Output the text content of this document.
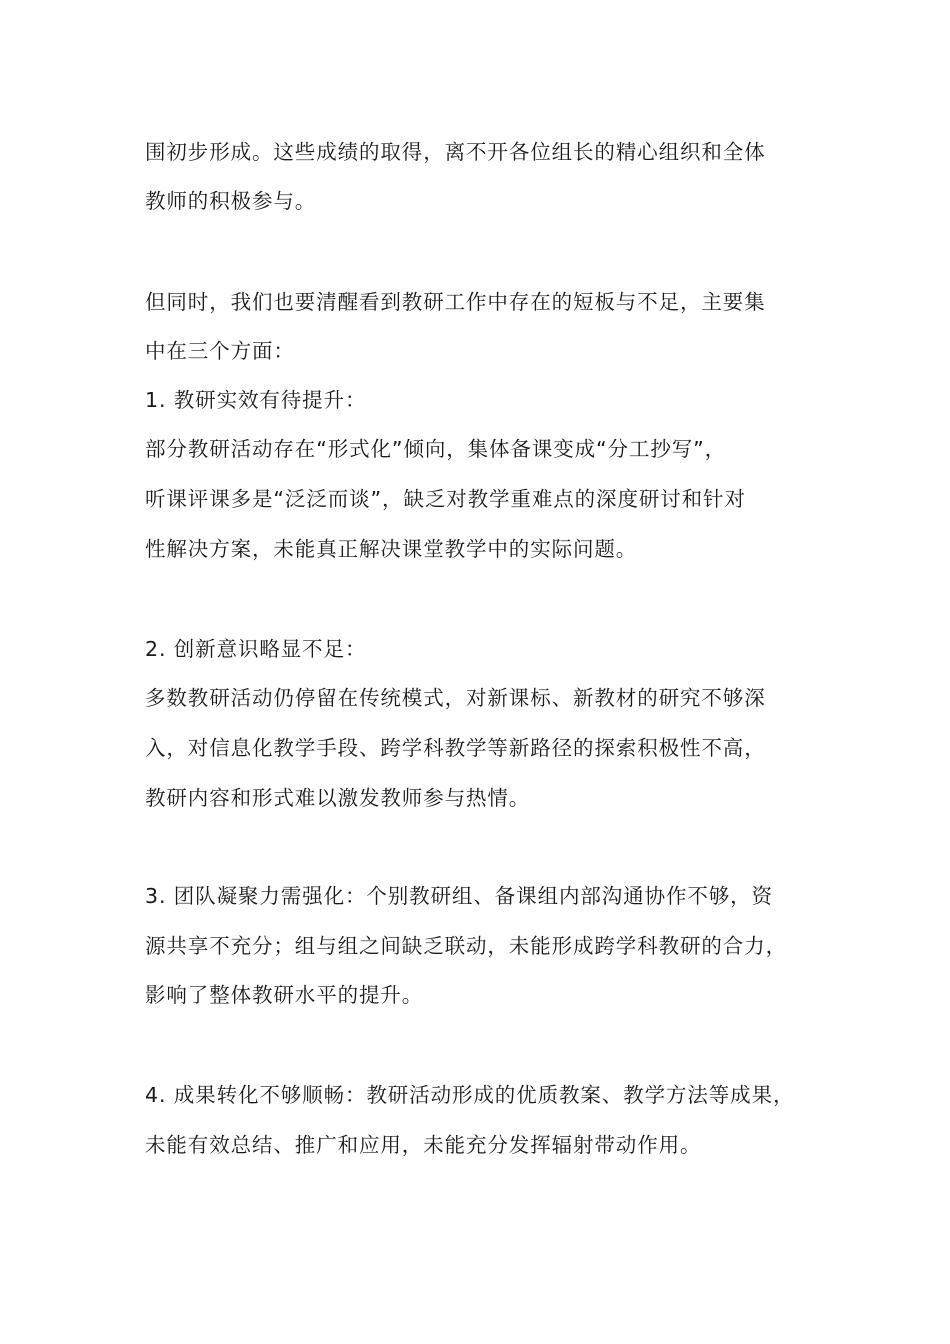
围初步形成。这些成绩的取得，离不开各位组长的精心组织和全体

教师的积极参与。

但同时，我们也要清醒看到教研工作中存在的短板与不足，主要集

中在三个方面：

1. 教研实效有待提升：

部分教研活动存在“形式化”倾向，集体备课变成“分工抄写”，

听课评课多是“泛泛而谈”，缺乏对教学重难点的深度研讨和针对

性解决方案，未能真正解决课堂教学中的实际问题。

2. 创新意识略显不足：

多数教研活动仍停留在传统模式，对新课标、新教材的研究不够深

入，对信息化教学手段、跨学科教学等新路径的探索积极性不高，

教研内容和形式难以激发教师参与热情。

3. 团队凝聚力需强化：个别教研组、备课组内部沟通协作不够，资

源共享不充分；组与组之间缺乏联动，未能形成跨学科教研的合力，

影响了整体教研水平的提升。

4. 成果转化不够顺畅：教研活动形成的优质教案、教学方法等成果，

未能有效总结、推广和应用，未能充分发挥辐射带动作用。
